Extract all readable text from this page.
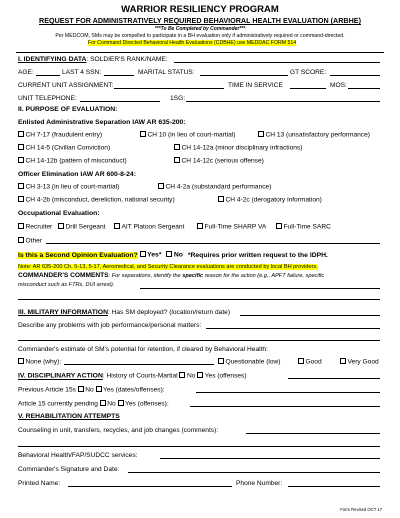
WARRIOR RESILIENCY PROGRAM
REQUEST FOR ADMINISTRATIVELY REQUIRED BEHAVIORAL HEALTH EVALUATION (ARBHE)
***To Be Completed by Commander***
Per MEDCOM, SMs may be compelled to participate in a BH evaluation only if administratively required or command-directed.
For Command Directed Behavioral Health Evaluations (CDBHE) use MEDDAC FORM 514
I. IDENTIFYING DATA: SOLDIER'S RANK/NAME:
AGE:	LAST 4 SSN:	MARITAL STATUS:	GT SCORE:
CURRENT UNIT ASSIGNMENT:	TIME IN SERVICE	MOS:
UNIT TELEPHONE:	1SG:
II. PURPOSE OF EVALUATION:
Enlisted Administrative Separation IAW AR 635-200:
CH 7-17 (fraudulent entry)	CH 10 (in lieu of court-martial)	CH 13 (unsatisfactory performance)
CH 14-5 (Civilian Conviction)	CH 14-12a (minor disciplinary infractions)
CH 14-12b (pattern of misconduct)	CH 14-12c (serious offense)
Officer Elimination IAW AR 600-8-24:
CH 3-13 (in lieu of court-martial)	CH 4-2a (substandard performance)
CH 4-2b (misconduct, dereliction, national security)	CH 4-2c (derogatory information)
Occupational Evaluation:
Recruiter	Drill Sergeant	AIT Platoon Sergeant	Full-Time SHARP VA	Full-Time SARC
Other
Is this a Second Opinion Evaluation? Yes* No *Requires prior written request to the IDPH.
Note: AR 635-200 Ch. 5-13, 5-17, Aeromedical, and Security Clearance evaluations are conducted by local BH providers.
COMMANDER'S COMMENTS: For separations, identify the specific reason for the action (e.g., APFT failure, specific
misconduct such as FTRs, DUI arrest).
III. MILITARY INFORMATION: Has SM deployed? (location/return date)
Describe any problems with job performance/personal matters:
Commander's estimate of SM's potential for retention, if cleared by Behavioral Health:
None (why):	Questionable (low)	Good	Very Good
IV. DISCIPLINARY ACTION: History of Courts-Martial No Yes (offenses)
Previous Article 15s No Yes (dates/offenses):
Article 15 currently pending No Yes (offenses):
V. REHABILITATION ATTEMPTS
Counseling in unit, transfers, recycles, and job changes (comments):
Behavioral Health/FAP/SUDCC services:
Commander's Signature and Date:
Printed Name:	Phone Number:
Form Revised OCT 17
